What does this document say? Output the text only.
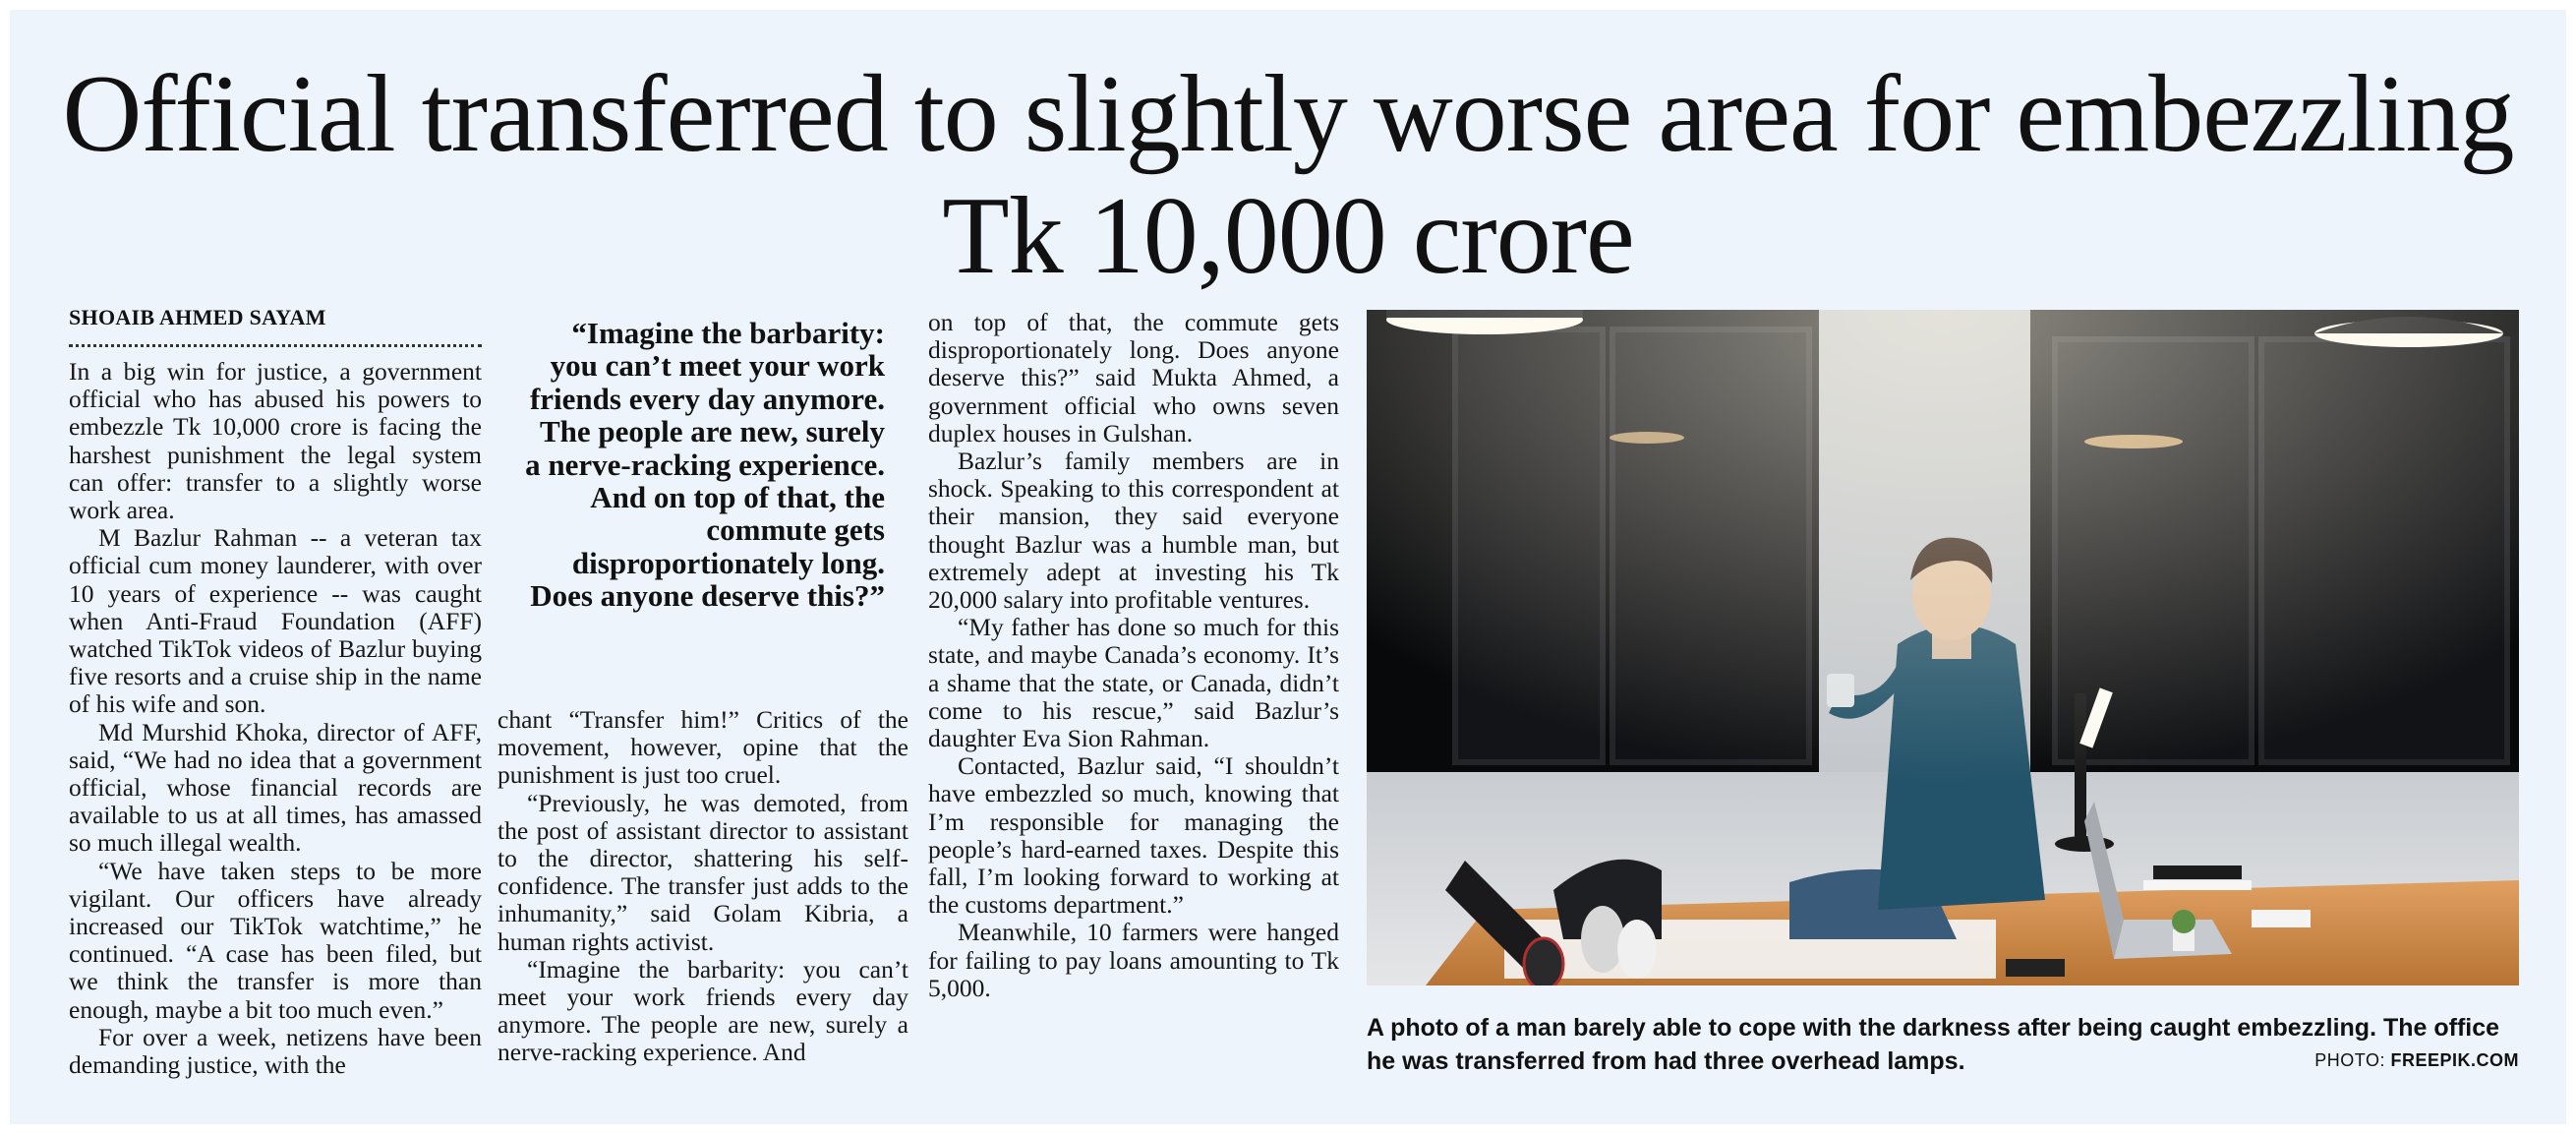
Official transferred to slightly worse area for embezzling Tk 10,000 crore
SHOAIB AHMED SAYAM

In a big win for justice, a government official who has abused his powers to embezzle Tk 10,000 crore is facing the harshest punishment the legal system can offer: transfer to a slightly worse work area.

M Bazlur Rahman -- a veteran tax official cum money launderer, with over 10 years of experience -- was caught when Anti-Fraud Foundation (AFF) watched TikTok videos of Bazlur buying five resorts and a cruise ship in the name of his wife and son.

Md Murshid Khoka, director of AFF, said, “We had no idea that a government official, whose financial records are available to us at all times, has amassed so much illegal wealth.

“We have taken steps to be more vigilant. Our officers have already increased our TikTok watchtime,” he continued. “A case has been filed, but we think the transfer is more than enough, maybe a bit too much even.”

For over a week, netizens have been demanding justice, with the

“Imagine the barbarity: you can’t meet your work friends every day anymore. The people are new, surely a nerve-racking experience. And on top of that, the commute gets disproportionately long. Does anyone deserve this?”

chant “Transfer him!” Critics of the movement, however, opine that the punishment is just too cruel.

“Previously, he was demoted, from the post of assistant director to assistant to the director, shattering his self-confidence. The transfer just adds to the inhumanity,” said Golam Kibria, a human rights activist.

“Imagine the barbarity: you can’t meet your work friends every day anymore. The people are new, surely a nerve-racking experience. And

on top of that, the commute gets disproportionately long. Does anyone deserve this?” said Mukta Ahmed, a government official who owns seven duplex houses in Gulshan.

Bazlur’s family members are in shock. Speaking to this correspondent at their mansion, they said everyone thought Bazlur was a humble man, but extremely adept at investing his Tk 20,000 salary into profitable ventures.

“My father has done so much for this state, and maybe Canada’s economy. It’s a shame that the state, or Canada, didn’t come to his rescue,” said Bazlur’s daughter Eva Sion Rahman.

Contacted, Bazlur said, “I shouldn’t have embezzled so much, knowing that I’m responsible for managing the people’s hard-earned taxes. Despite this fall, I’m looking forward to working at the customs department.”

Meanwhile, 10 farmers were hanged for failing to pay loans amounting to Tk 5,000.

A photo of a man barely able to cope with the darkness after being caught embezzling. The office he was transferred from had three overhead lamps.	PHOTO: FREEPIK.COM
